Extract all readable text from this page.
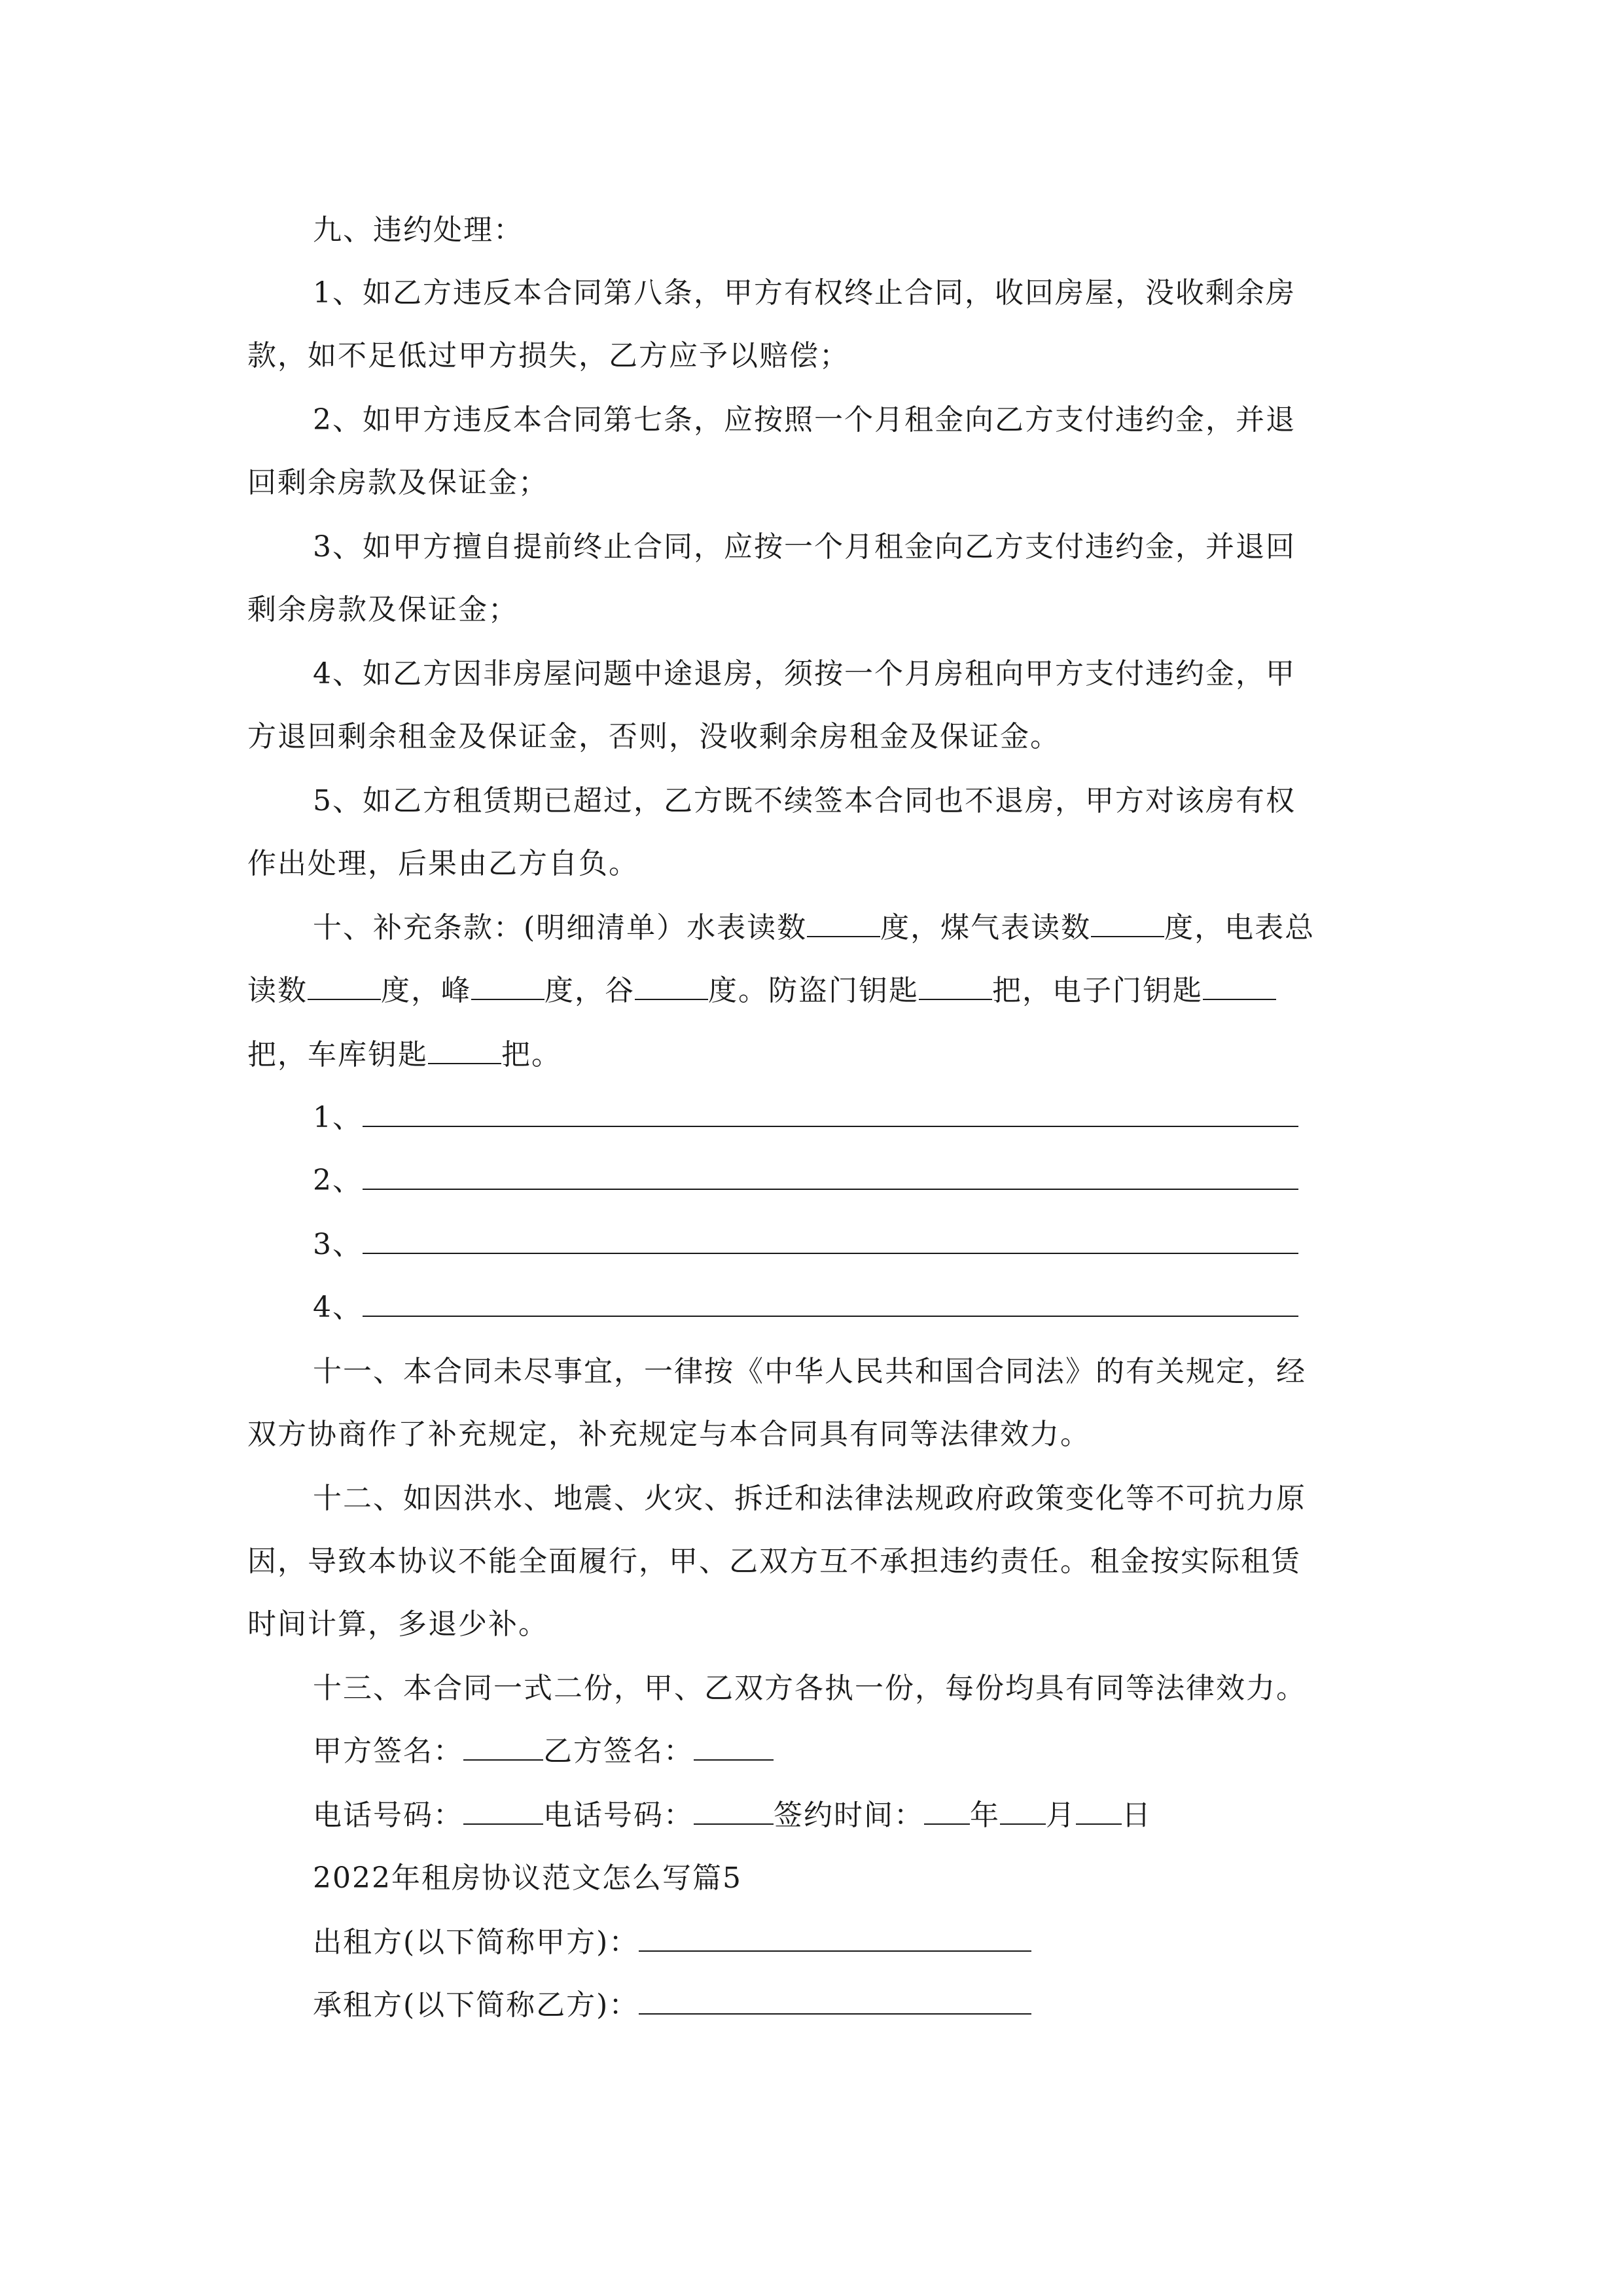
九、违约处理：
1、如乙方违反本合同第八条，甲方有权终止合同，收回房屋，没收剩余房
款，如不足低过甲方损失，乙方应予以赔偿；
2、如甲方违反本合同第七条，应按照一个月租金向乙方支付违约金，并退
回剩余房款及保证金；
3、如甲方擅自提前终止合同，应按一个月租金向乙方支付违约金，并退回
剩余房款及保证金；
4、如乙方因非房屋问题中途退房，须按一个月房租向甲方支付违约金，甲
方退回剩余租金及保证金，否则，没收剩余房租金及保证金。
5、如乙方租赁期已超过，乙方既不续签本合同也不退房，甲方对该房有权
作出处理，后果由乙方自负。
十、补充条款：(明细清单）水表读数	度，煤气表读数	度，电表总
读数	度，峰	度，谷	度。防盗门钥匙	把，电子门钥匙
把，车库钥匙	把。
1、
2、
3、
4、
十一、本合同未尽事宜，一律按《中华人民共和国合同法》的有关规定，经
双方协商作了补充规定，补充规定与本合同具有同等法律效力。
十二、如因洪水、地震、火灾、拆迁和法律法规政府政策变化等不可抗力原
因，导致本协议不能全面履行，甲、乙双方互不承担违约责任。租金按实际租赁
时间计算，多退少补。
十三、本合同一式二份，甲、乙双方各执一份，每份均具有同等法律效力。
甲方签名：	乙方签名：
电话号码：	电话号码：	签约时间： 年 月 日
2022年租房协议范文怎么写篇5
出租方(以下简称甲方)：
承租方(以下简称乙方)：
